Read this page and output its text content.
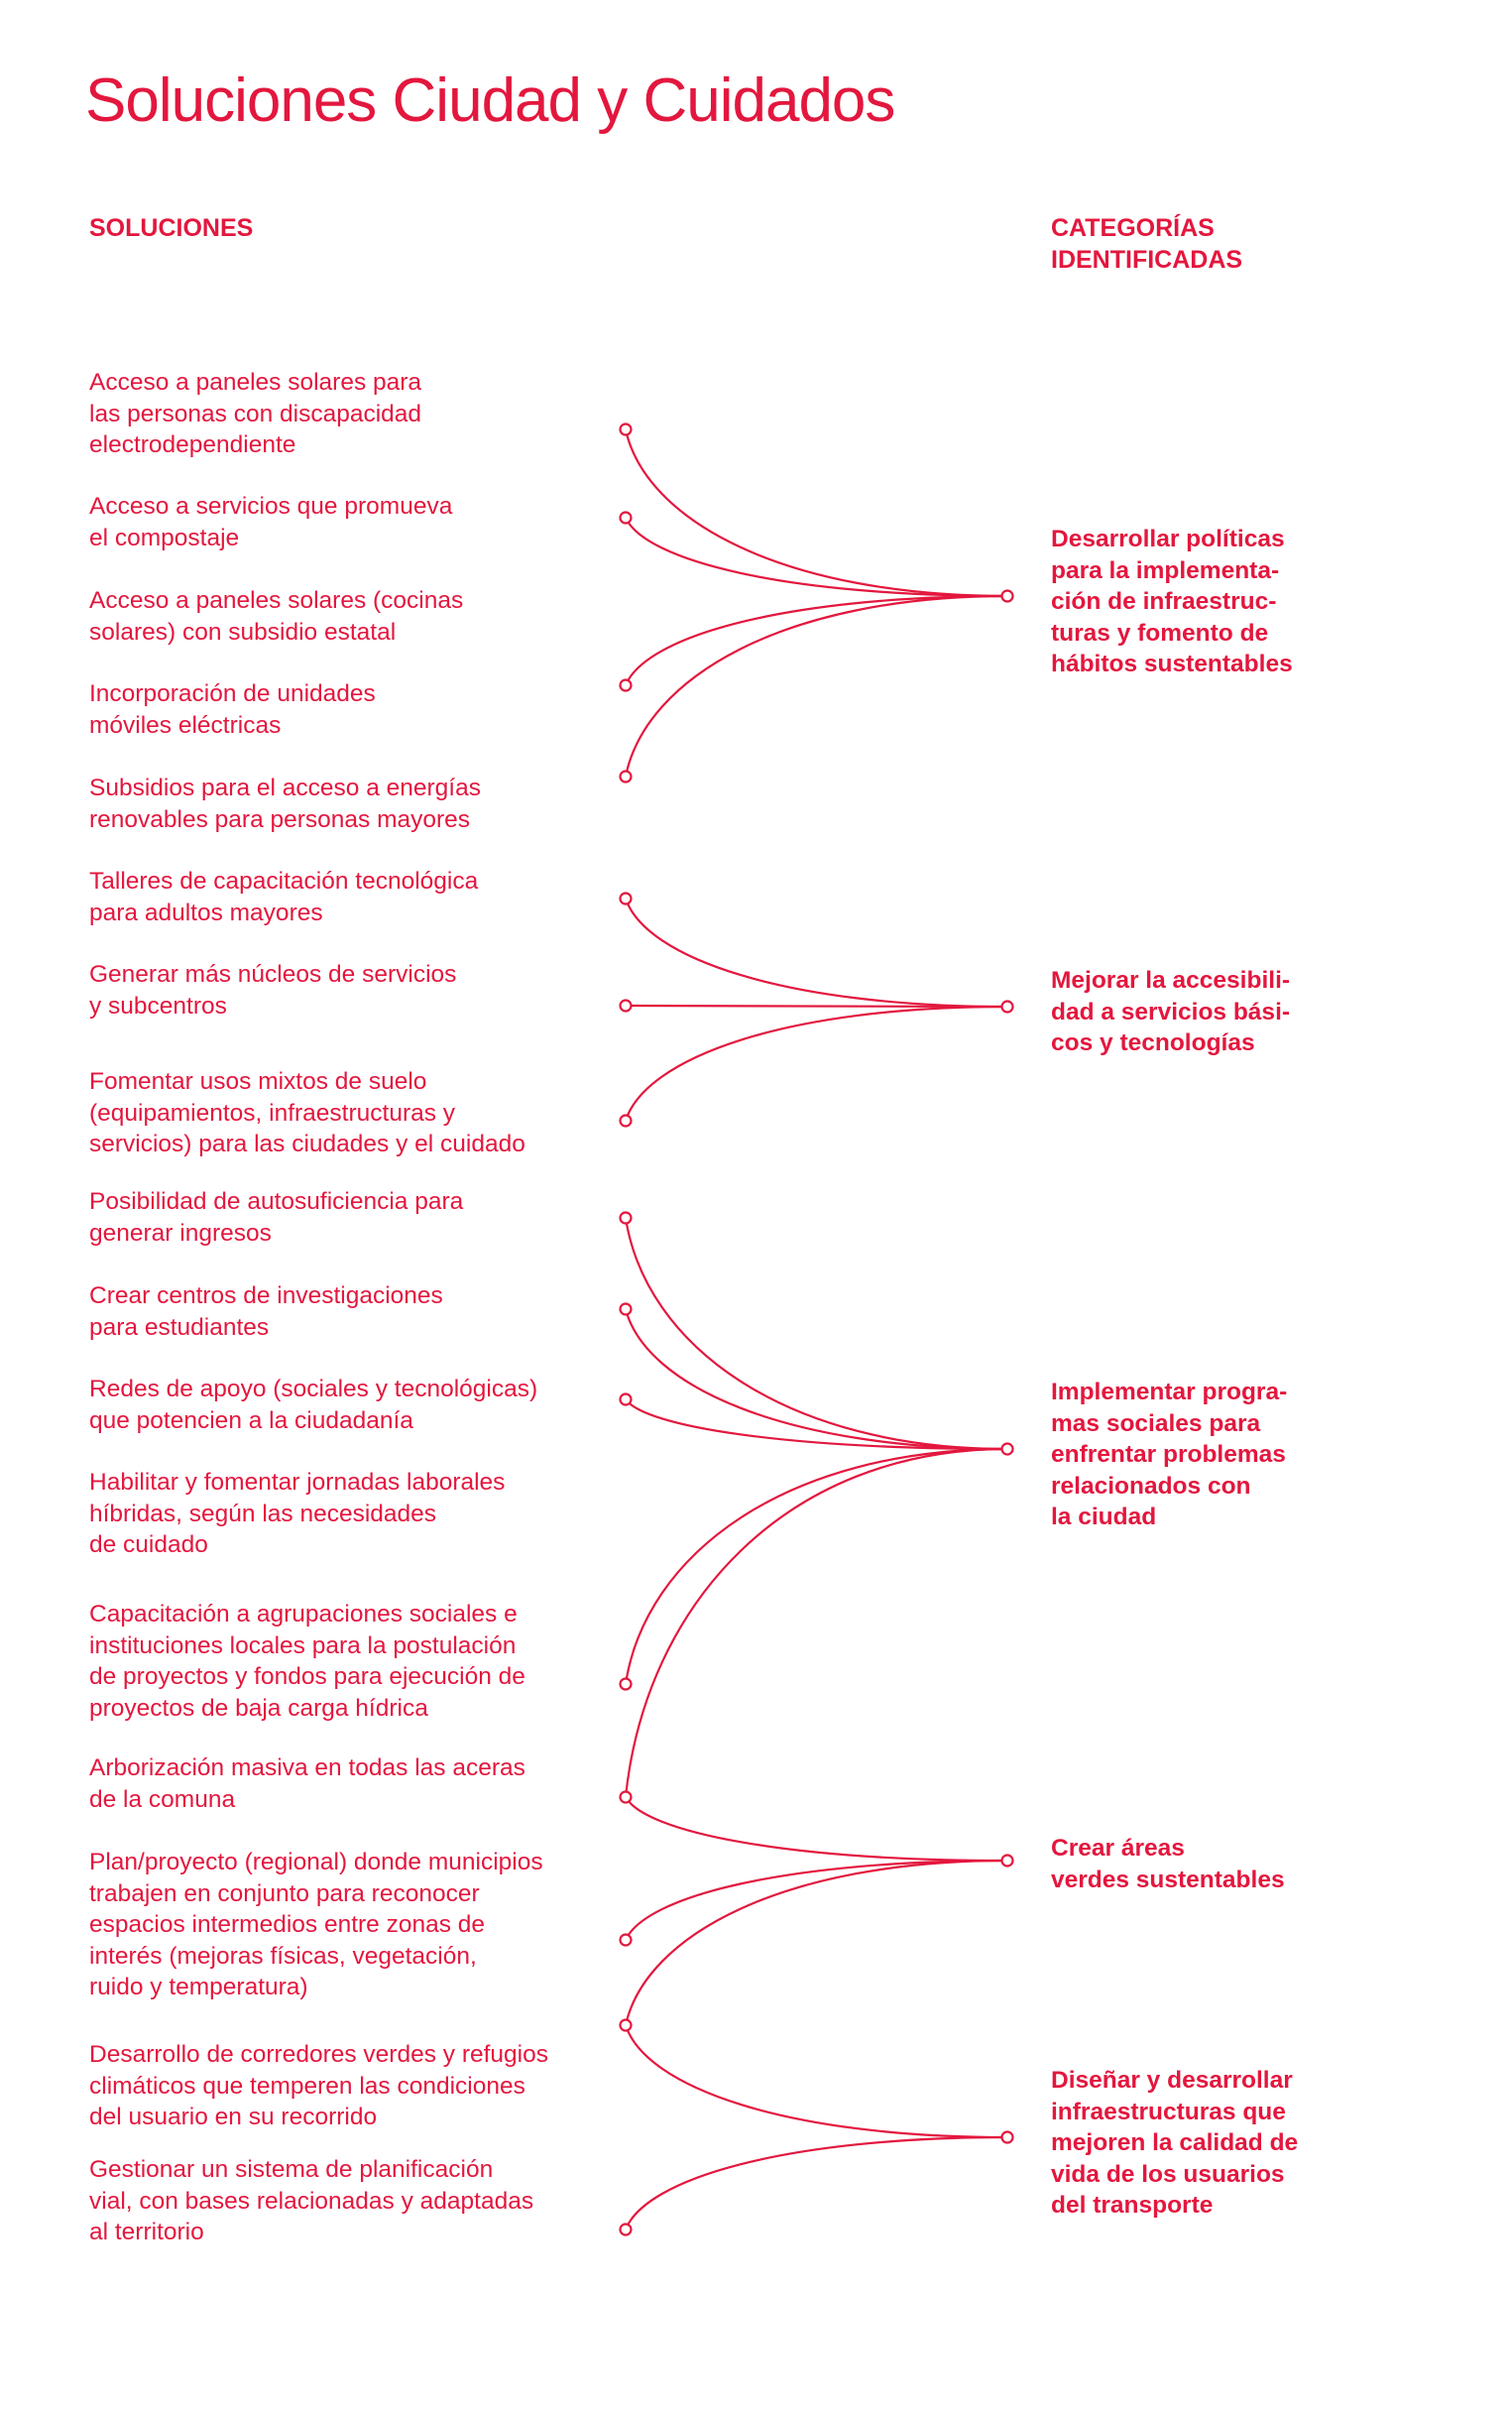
Soluciones Ciudad y Cuidados
SOLUCIONES	CATEGORÍAS
IDENTIFICADAS

Acceso a paneles solares para
las personas con discapacidad
electrodependiente

Acceso a servicios que promueva
el compostaje

Acceso a paneles solares (cocinas
solares) con subsidio estatal

Incorporación de unidades
móviles eléctricas

Subsidios para el acceso a energías
renovables para personas mayores

Talleres de capacitación tecnológica
para adultos mayores

Generar más núcleos de servicios
y subcentros

Fomentar usos mixtos de suelo
(equipamientos, infraestructuras y
servicios) para las ciudades y el cuidado

Posibilidad de autosuficiencia para
generar ingresos

Crear centros de investigaciones
para estudiantes

Redes de apoyo (sociales y tecnológicas)
que potencien a la ciudadanía

Habilitar y fomentar jornadas laborales
híbridas, según las necesidades
de cuidado

Capacitación a agrupaciones sociales e
instituciones locales para la postulación
de proyectos y fondos para ejecución de
proyectos de baja carga hídrica

Arborización masiva en todas las aceras
de la comuna

Plan/proyecto (regional) donde municipios
trabajen en conjunto para reconocer
espacios intermedios entre zonas de
interés (mejoras físicas, vegetación,
ruido y temperatura)

Desarrollo de corredores verdes y refugios
climáticos que temperen las condiciones
del usuario en su recorrido

Gestionar un sistema de planificación
vial, con bases relacionadas y adaptadas
al territorio

Desarrollar políticas
para la implementa-
ción de infraestruc-
turas y fomento de
hábitos sustentables

Mejorar la accesibili-
dad a servicios bási-
cos y tecnologías

Implementar progra-
mas sociales para
enfrentar problemas
relacionados con
la ciudad

Crear áreas
verdes sustentables

Diseñar y desarrollar
infraestructuras que
mejoren la calidad de
vida de los usuarios
del transporte
